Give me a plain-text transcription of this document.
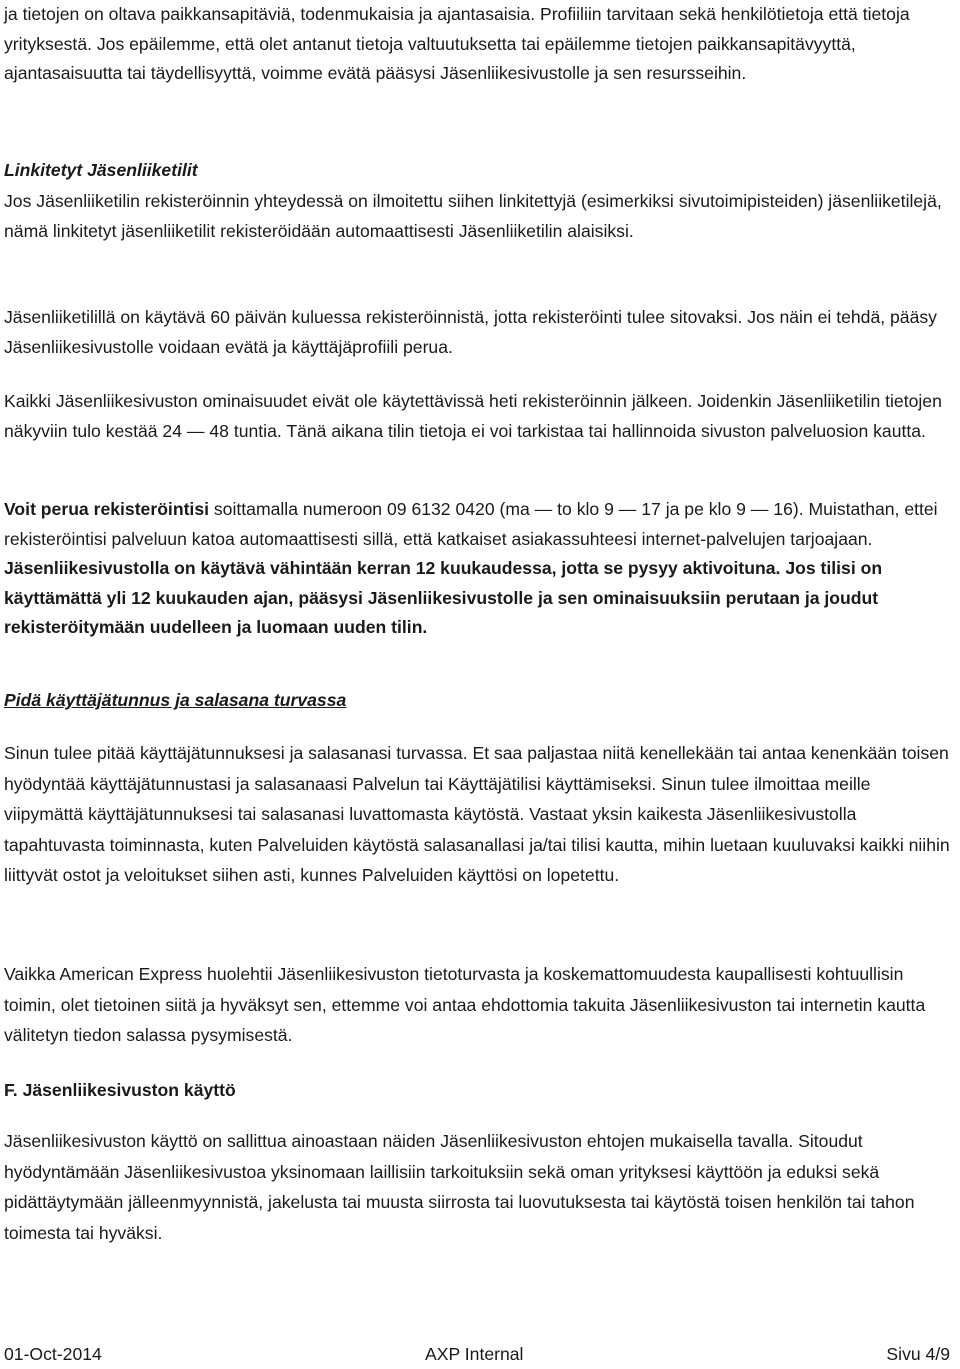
ja tietojen on oltava paikkansapitäviä, todenmukaisia ja ajantasaisia. Profiiliin tarvitaan sekä henkilötietoja että tietoja yrityksestä. Jos epäilemme, että olet antanut tietoja valtuutuksetta tai epäilemme tietojen paikkansapitävyyttä, ajantasaisuutta tai täydellisyyttä, voimme evätä pääsysi Jäsenliikesivustolle ja sen resursseihin.
Linkitetyt Jäsenliiketilit
Jos Jäsenliiketilin rekisteröinnin yhteydessä on ilmoitettu siihen linkitettyjä (esimerkiksi sivutoimipisteiden) jäsenliiketilejä, nämä linkitetyt jäsenliiketilit rekisteröidään automaattisesti Jäsenliiketilin alaisiksi.
Jäsenliiketilillä on käytävä 60 päivän kuluessa rekisteröinnistä, jotta rekisteröinti tulee sitovaksi. Jos näin ei tehdä, pääsy Jäsenliikesivustolle voidaan evätä ja käyttäjäprofiili perua.
Kaikki Jäsenliikesivuston ominaisuudet eivät ole käytettävissä heti rekisteröinnin jälkeen. Joidenkin Jäsenliiketilin tietojen näkyviin tulo kestää 24 — 48 tuntia. Tänä aikana tilin tietoja ei voi tarkistaa tai hallinnoida sivuston palveluosion kautta.
Voit perua rekisteröintisi soittamalla numeroon 09 6132 0420 (ma — to klo 9 — 17 ja pe klo 9 — 16). Muistathan, ettei rekisteröintisi palveluun katoa automaattisesti sillä, että katkaiset asiakassuhteesi internet-palvelujen tarjoajaan. Jäsenliikesivustolla on käytävä vähintään kerran 12 kuukaudessa, jotta se pysyy aktivoituna. Jos tilisi on käyttämättä yli 12 kuukauden ajan, pääsysi Jäsenliikesivustolle ja sen ominaisuuksiin perutaan ja joudut rekisteröitymään uudelleen ja luomaan uuden tilin.
Pidä käyttäjätunnus ja salasana turvassa
Sinun tulee pitää käyttäjätunnuksesi ja salasanasi turvassa. Et saa paljastaa niitä kenellekään tai antaa kenenkään toisen hyödyntää käyttäjätunnustasi ja salasanaasi Palvelun tai Käyttäjätilisi käyttämiseksi. Sinun tulee ilmoittaa meille viipymättä käyttäjätunnuksesi tai salasanasi luvattomasta käytöstä. Vastaat yksin kaikesta Jäsenliikesivustolla tapahtuvasta toiminnasta, kuten Palveluiden käytöstä salasanallasi ja/tai tilisi kautta, mihin luetaan kuuluvaksi kaikki niihin liittyvät ostot ja veloitukset siihen asti, kunnes Palveluiden käyttösi on lopetettu.
Vaikka American Express huolehtii Jäsenliikesivuston tietoturvasta ja koskemattomuudesta kaupallisesti kohtuullisin toimin, olet tietoinen siitä ja hyväksyt sen, ettemme voi antaa ehdottomia takuita Jäsenliikesivuston tai internetin kautta välitetyn tiedon salassa pysymisestä.
F. Jäsenliikesivuston käyttö
Jäsenliikesivuston käyttö on sallittua ainoastaan näiden Jäsenliikesivuston ehtojen mukaisella tavalla. Sitoudut hyödyntämään Jäsenliikesivustoa yksinomaan laillisiin tarkoituksiin sekä oman yrityksesi käyttöön ja eduksi sekä pidättäytymään jälleenmyynnistä, jakelusta tai muusta siirrosta tai luovutuksesta tai käytöstä toisen henkilön tai tahon toimesta tai hyväksi.
01-Oct-2014	AXP Internal	Sivu 4/9
